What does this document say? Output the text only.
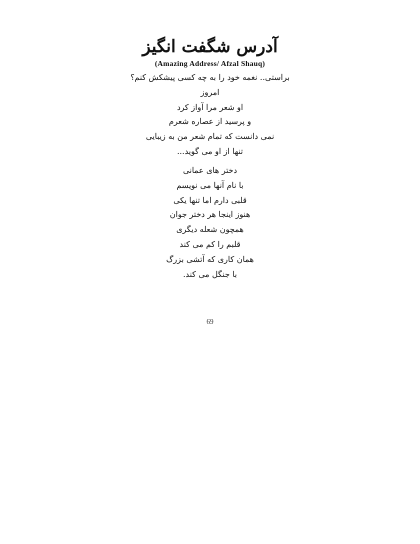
آدرس شگفت انگیز
(Amazing Address/ Afzal Shauq)
براستی.. نغمه خود را به چه کسی پیشکش کنم؟
امروز
او شعر مرا آواز کرد
و پرسید از عصاره شعرم
نمی دانست که تمام شعر من به زیبایی
تنها از او می گوید...
دختر های عمانی
با نام آنها می نویسم
قلبی دارم اما تنها یکی
هنوز اینجا هر دختر جوان
همچون شعله دیگری
قلبم را کم می کند
همان کاری که آتشی بزرگ
با جنگل می کند.
69
